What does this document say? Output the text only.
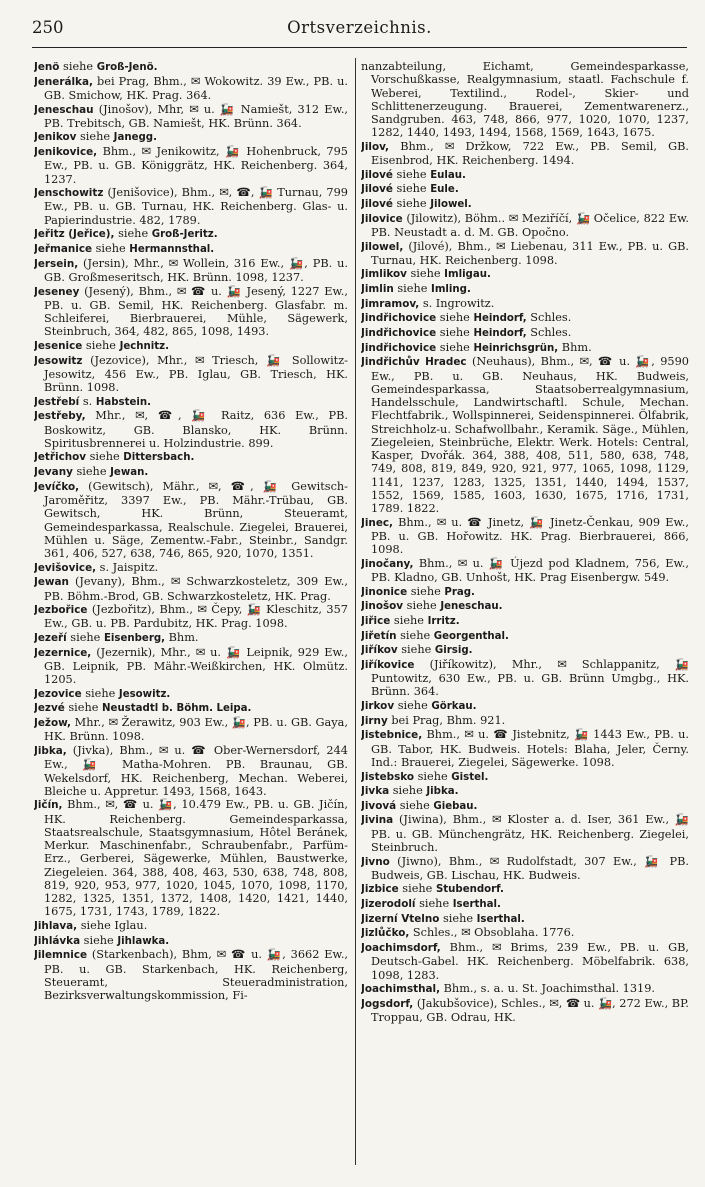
250	Ortsverzeichnis.
Jenö siehe Groß-Jenö.
Jenerálka, bei Prag, Bhm., ✉ Wokowitz. 39 Ew., PB. u. GB. Smichow, HK. Prag. 364.
Jeneschau (Jinošov), Mhr, ✉ u. 🚂 Namiešt, 312 Ew., PB. Trebitsch, GB. Namiešt, HK. Brünn. 364.
Jenikov siehe Janegg.
Jenikovice, Bhm., ✉ Jenikowitz, 🚂 Hohenbruck, 795 Ew., PB. u. GB. Königgrätz, HK. Reichenberg. 364, 1237.
Jenschowitz (Jenišovice), Bhm., ✉, ☎, 🚂 Turnau, 799 Ew., PB. u. GB. Turnau, HK. Reichenberg. Glas- u. Papierindustrie. 482, 1789.
Jeřitz (Jeřice), siehe Groß-Jeritz.
Jeřmanice siehe Hermannsthal.
Jersein, (Jersin), Mhr., ✉ Wollein, 316 Ew., 🚂, PB. u. GB. Großmeseritsch, HK. Brünn. 1098, 1237.
Jeseney (Jesený), Bhm., ✉ ☎ u. 🚂 Jesený, 1227 Ew., PB. u. GB. Semil, HK. Reichenberg. Glasfabr. m. Schleiferei, Bierbrauerei, Mühle, Sägewerk, Steinbruch, 364, 482, 865, 1098, 1493.
Jesenice siehe Jechnitz.
Jesowitz (Jezovice), Mhr., ✉ Triesch, 🚂 Sollowitz-Jesowitz, 456 Ew., PB. Iglau, GB. Triesch, HK. Brünn. 1098.
Jestřebí s. Habstein.
Jestřeby, Mhr., ✉, ☎, 🚂 Raitz, 636 Ew., PB. Boskowitz, GB. Blansko, HK. Brünn. Spiritusbrennerei u. Holzindustrie. 899.
Jetřichov siehe Dittersbach.
Jevany siehe Jewan.
Jevíčko, (Gewitsch), Mähr., ✉, ☎, 🚂 Gewitsch-Jaroměřitz, 3397 Ew., PB. Mähr.-Trübau, GB. Gewitsch, HK. Brünn, Steueramt, Gemeindesparkassa, Realschule. Ziegelei, Brauerei, Mühlen u. Säge, Zementw.-Fabr., Steinbr., Sandgr. 361, 406, 527, 638, 746, 865, 920, 1070, 1351.
Jevišovice, s. Jaispitz.
Jewan (Jevany), Bhm., ✉ Schwarzkosteletz, 309 Ew., PB. Böhm.-Brod, GB. Schwarzkosteletz, HK. Prag.
Jezbořice (Jezbořitz), Bhm., ✉ Čepy, 🚂 Kleschitz, 357 Ew., GB. u. PB. Pardubitz, HK. Prag. 1098.
Jezeří siehe Eisenberg, Bhm.
Jezernice, (Jezernik), Mhr., ✉ u. 🚂 Leipnik, 929 Ew., GB. Leipnik, PB. Mähr.-Weißkirchen, HK. Olmütz. 1205.
Jezovice siehe Jesowitz.
Jezvé siehe Neustadtl b. Böhm. Leipa.
Ježow, Mhr., ✉ Žerawitz, 903 Ew., 🚂, PB. u. GB. Gaya, HK. Brünn. 1098.
Jibka, (Jivka), Bhm., ✉ u. ☎ Ober-Wernersdorf, 244 Ew., 🚂 Matha-Mohren. PB. Braunau, GB. Wekelsdorf, HK. Reichenberg, Mechan. Weberei, Bleiche u. Appretur. 1493, 1568, 1643.
Jičín, Bhm., ✉, ☎ u. 🚂, 10.479 Ew., PB. u. GB. Jičín, HK. Reichenberg. Gemeindesparkassa, Staatsrealschule, Staatsgymnasium, Hôtel Beránek, Merkur. Maschinenfabr., Schraubenfabr., Parfüm-Erz., Gerberei, Sägewerke, Mühlen, Baustwerke, Ziegeleien. 364, 388, 408, 463, 530, 638, 748, 808, 819, 920, 953, 977, 1020, 1045, 1070, 1098, 1170, 1282, 1325, 1351, 1372, 1408, 1420, 1421, 1440, 1675, 1731, 1743, 1789, 1822.
Jihlava, siehe Iglau.
Jihlávka siehe Jihlawka.
Jilemnice (Starkenbach), Bhm, ✉ ☎ u. 🚂, 3662 Ew., PB. u. GB. Starkenbach, HK. Reichenberg, Steueramt, Steueradministration, Bezirksverwaltungskommission, Fi-
nanzabteilung, Eichamt, Gemeindesparkasse, Vorschußkasse, Realgymnasium, staatl. Fachschule f. Weberei, Textilind., Rodel-, Skier- und Schlittenerzeugung. Brauerei, Zementwarenerz., Sandgruben. 463, 748, 866, 977, 1020, 1070, 1237, 1282, 1440, 1493, 1494, 1568, 1569, 1643, 1675.
Jilov, Bhm., ✉ Držkow, 722 Ew., PB. Semil, GB. Eisenbrod, HK. Reichenberg. 1494.
Jilové siehe Eulau.
Jilové siehe Eule.
Jilové siehe Jilowel.
Jilovice (Jilowitz), Böhm.. ✉ Meziříčí, 🚂 Očelice, 822 Ew. PB. Neustadt a. d. M. GB. Opočno.
Jilowel, (Jilové), Bhm., ✉ Liebenau, 311 Ew., PB. u. GB. Turnau, HK. Reichenberg. 1098.
Jimlikov siehe Imligau.
Jimlin siehe Imling.
Jimramov, s. Ingrowitz.
Jindřichovice siehe Heindorf, Schles.
Jindřichovice siehe Heindorf, Schles.
Jindřichovice siehe Heinrichsgrün, Bhm.
Jindřichův Hradec (Neuhaus), Bhm., ✉, ☎ u. 🚂, 9590 Ew., PB. u. GB. Neuhaus, HK. Budweis, Gemeindesparkassa, Staatsoberrealgymnasium, Handelsschule, Landwirtschaftl. Schule, Mechan. Flechtfabrik., Wollspinnerei, Seidenspinnerei. Ölfabrik, Streichholz-u. Schafwollbahr., Keramik. Säge., Mühlen, Ziegeleien, Steinbrüche, Elektr. Werk. Hotels: Central, Kasper, Dvořák. 364, 388, 408, 511, 580, 638, 748, 749, 808, 819, 849, 920, 921, 977, 1065, 1098, 1129, 1141, 1237, 1283, 1325, 1351, 1440, 1494, 1537, 1552, 1569, 1585, 1603, 1630, 1675, 1716, 1731, 1789. 1822.
Jinec, Bhm., ✉ u. ☎ Jinetz, 🚂 Jinetz-Čenkau, 909 Ew., PB. u. GB. Hořowitz. HK. Prag. Bierbrauerei, 866, 1098.
Jinočany, Bhm., ✉ u. 🚂 Újezd pod Kladnem, 756, Ew., PB. Kladno, GB. Unhošt, HK. Prag Eisenbergw. 549.
Jinonice siehe Prag.
Jinošov siehe Jeneschau.
Jiřice siehe Irritz.
Jiřetín siehe Georgenthal.
Jiříkov siehe Girsig.
Jiříkovice (Jiříkowitz), Mhr., ✉ Schlappanitz, 🚂 Puntowitz, 630 Ew., PB. u. GB. Brünn Umgbg., HK. Brünn. 364.
Jirkov siehe Görkau.
Jirny bei Prag, Bhm. 921.
Jistebnice, Bhm., ✉ u. ☎ Jistebnitz, 🚂 1443 Ew., PB. u. GB. Tabor, HK. Budweis. Hotels: Blaha, Jeler, Černy. Ind.: Brauerei, Ziegelei, Sägewerke. 1098.
Jistebsko siehe Gistel.
Jivka siehe Jibka.
Jivová siehe Giebau.
Jivina (Jiwina), Bhm., ✉ Kloster a. d. Iser, 361 Ew., 🚂 PB. u. GB. Münchengrätz, HK. Reichenberg. Ziegelei, Steinbruch.
Jivno (Jiwno), Bhm., ✉ Rudolfstadt, 307 Ew., 🚂 PB. Budweis, GB. Lischau, HK. Budweis.
Jizbice siehe Stubendorf.
Jizerodolí siehe Iserthal.
Jizerní Vtelno siehe Iserthal.
Jizlůčko, Schles., ✉ Obsoblaha. 1776.
Joachimsdorf, Bhm., ✉ Brims, 239 Ew., PB. u. GB, Deutsch-Gabel. HK. Reichenberg. Möbelfabrik. 638, 1098, 1283.
Joachimsthal, Bhm., s. a. u. St. Joachimsthal. 1319.
Jogsdorf, (Jakubšovice), Schles., ✉, ☎ u. 🚂, 272 Ew., BP. Troppau, GB. Odrau, HK.
